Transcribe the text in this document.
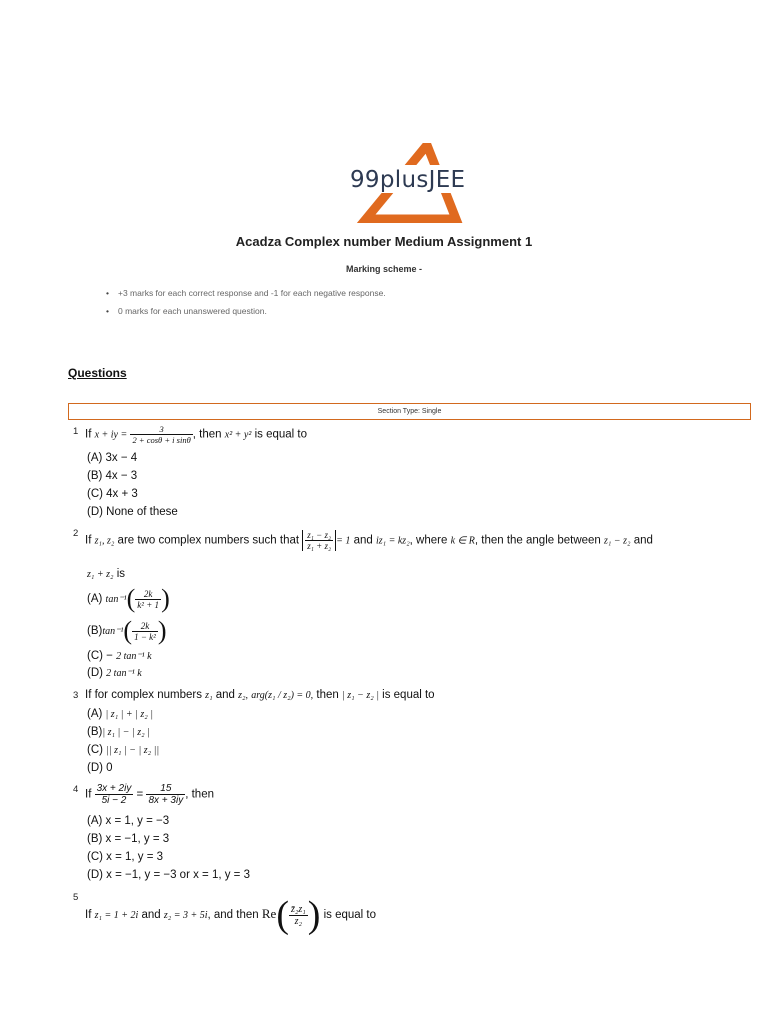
99plusJEE
Acadza Complex number Medium Assignment 1
Marking scheme -
• +3 marks for each correct response and -1 for each negative response.
• 0 marks for each unanswered question.
Questions
Section Type: Single
1 If x + iy = $\frac{3}{\text{2 + cosθ + i sinθ}}$ , then x² + y² is equal to
(A) 3x − 4
(B) 4x − 3
(C) 4x + 3
(D) None of these
2
If z₁, z₂ are two complex numbers such that $\frac{\text{z₁ − z₂}}{\text{z₁ + z₂}} = 1$ and iz₁ = kz₂, where k ∈ R, then the angle between z₁ − z₂ and
z₁ + z₂ is
(A) $\tan^{-1}( \frac{2k}{\text{k² + 1}}$ )
$(B)\tan^{-1}( \frac{2k}{\text{1 − k²}}$ )
(C) − 2 tan⁻¹ k
(D) 2 tan⁻¹ k
3 If for complex numbers z₁ and z₂, arg(z₁ / z₂) = 0, then | z₁ − z₂ | is equal to
(A) | z₁ | + | z₂ |
(B)| z₁ | − | z₂ |
(C) || z₁ | − | z₂ ||
(D) 0
4 If $\frac{3x + 2iy}{5i - 2} = \frac{15}{8x + 3iy}$ , then
(A) x = 1, y = −3
(B) x = −1, y = 3
(C) x = 1, y = 3
(D) x = −1, y = −3 or x = 1, y = 3
5
If z₁ = 1 + 2i and z₂ = 3 + 5i, and then $Re( \frac{\text{z̄₂z₁}}{\text{z₂}}$ ) is equal to
